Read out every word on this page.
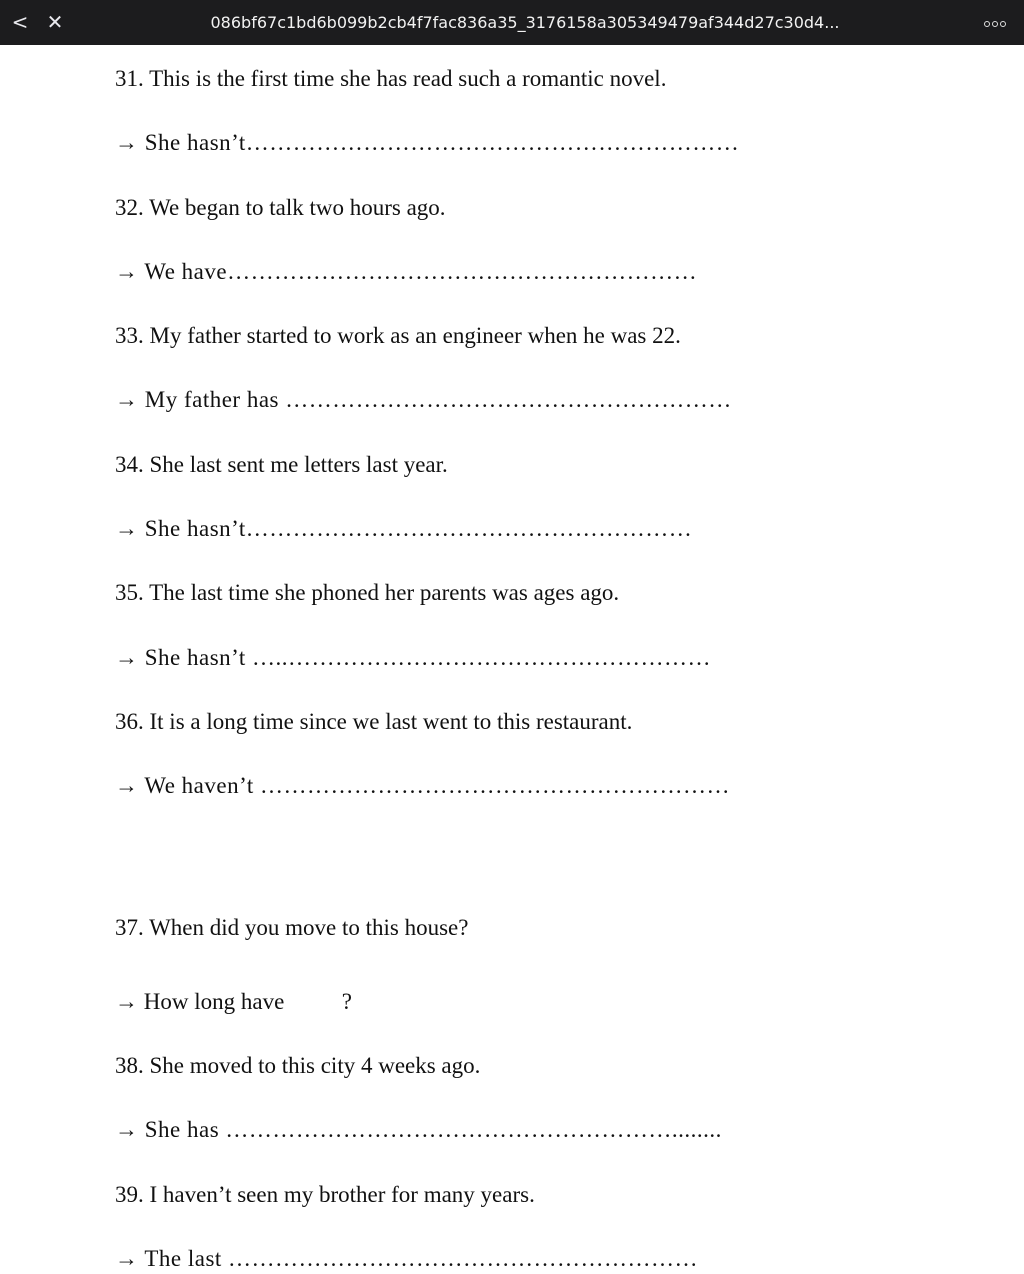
< ✕	086bf67c1bd6b099b2cb4f7fac836a35_3176158a305349479af344d27c30d4...
31. This is the first time she has read such a romantic novel.
→ She hasn’t………………………………………………………
32. We began to talk two hours ago.
→ We have……………………………………………………
33. My father started to work as an engineer when he was 22.
→ My father has …………………………………………………
34. She last sent me letters last year.
→ She hasn’t…………………………………………………
35. The last time she phoned her parents was ages ago.
→ She hasn’t …..………………………………………………
36. It is a long time since we last went to this restaurant.
→ We haven’t ……………………………………………………
37. When did you move to this house?
→ How long have          ?
38. She moved to this city 4 weeks ago.
→ She has …………………………………………………........
39. I haven’t seen my brother for many years.
→ The last ……………………………………………………
